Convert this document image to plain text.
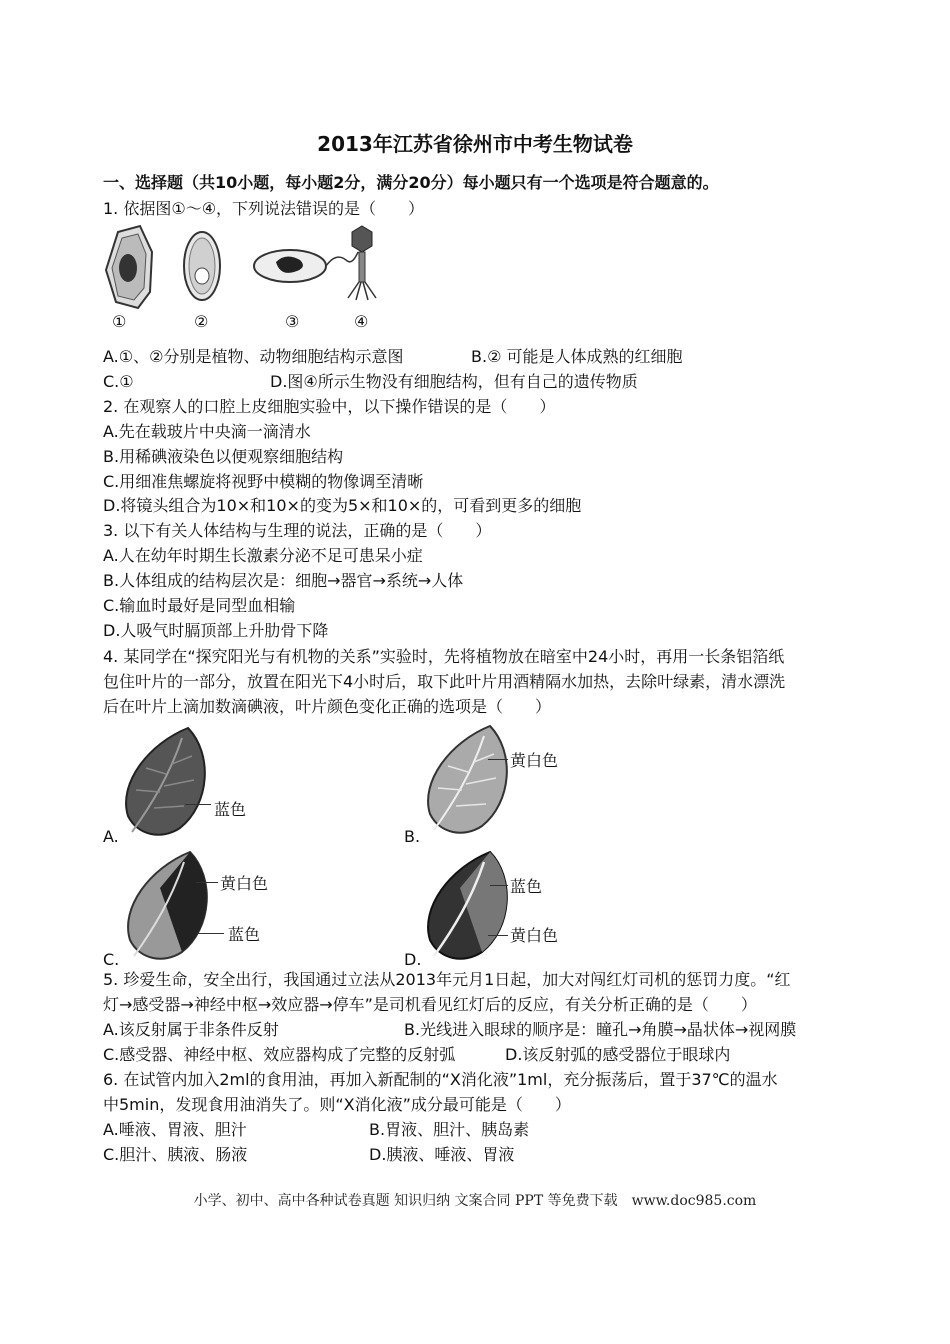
2013年江苏省徐州市中考生物试卷
一、选择题（共10小题，每小题2分，满分20分）每小题只有一个选项是符合题意的。
1. 依据图①～④，下列说法错误的是（　　）
①	②	③	④
A.①、②分别是植物、动物细胞结构示意图	B.② 可能是人体成熟的红细胞
C.①	D.图④所示生物没有细胞结构，但有自己的遗传物质
2. 在观察人的口腔上皮细胞实验中，以下操作错误的是（　　）
A.先在载玻片中央滴一滴清水
B.用稀碘液染色以便观察细胞结构
C.用细准焦螺旋将视野中模糊的物像调至清晰
D.将镜头组合为10×和10×的变为5×和10×的，可看到更多的细胞
3. 以下有关人体结构与生理的说法，正确的是（　　）
A.人在幼年时期生长激素分泌不足可患呆小症
B.人体组成的结构层次是：细胞→器官→系统→人体
C.输血时最好是同型血相输
D.人吸气时膈顶部上升肋骨下降
4. 某同学在“探究阳光与有机物的关系”实验时，先将植物放在暗室中24小时，再用一长条铝箔纸
包住叶片的一部分，放置在阳光下4小时后，取下此叶片用酒精隔水加热，去除叶绿素，清水漂洗
后在叶片上滴加数滴碘液，叶片颜色变化正确的选项是（　　）
蓝色
A.
黄白色
B.
黄白色
蓝色
C.
蓝色
黄白色
D.
5. 珍爱生命，安全出行，我国通过立法从2013年元月1日起，加大对闯红灯司机的惩罚力度。“红
灯→感受器→神经中枢→效应器→停车”是司机看见红灯后的反应，有关分析正确的是（　　）
A.该反射属于非条件反射	B.光线进入眼球的顺序是：瞳孔→角膜→晶状体→视网膜
C.感受器、神经中枢、效应器构成了完整的反射弧	D.该反射弧的感受器位于眼球内
6. 在试管内加入2ml的食用油，再加入新配制的“X消化液”1ml，充分振荡后，置于37℃的温水
中5min，发现食用油消失了。则“X消化液”成分最可能是（　　）
A.唾液、胃液、胆汁	B.胃液、胆汁、胰岛素
C.胆汁、胰液、肠液	D.胰液、唾液、胃液
小学、初中、高中各种试卷真题 知识归纳 文案合同 PPT 等免费下载　www.doc985.com
